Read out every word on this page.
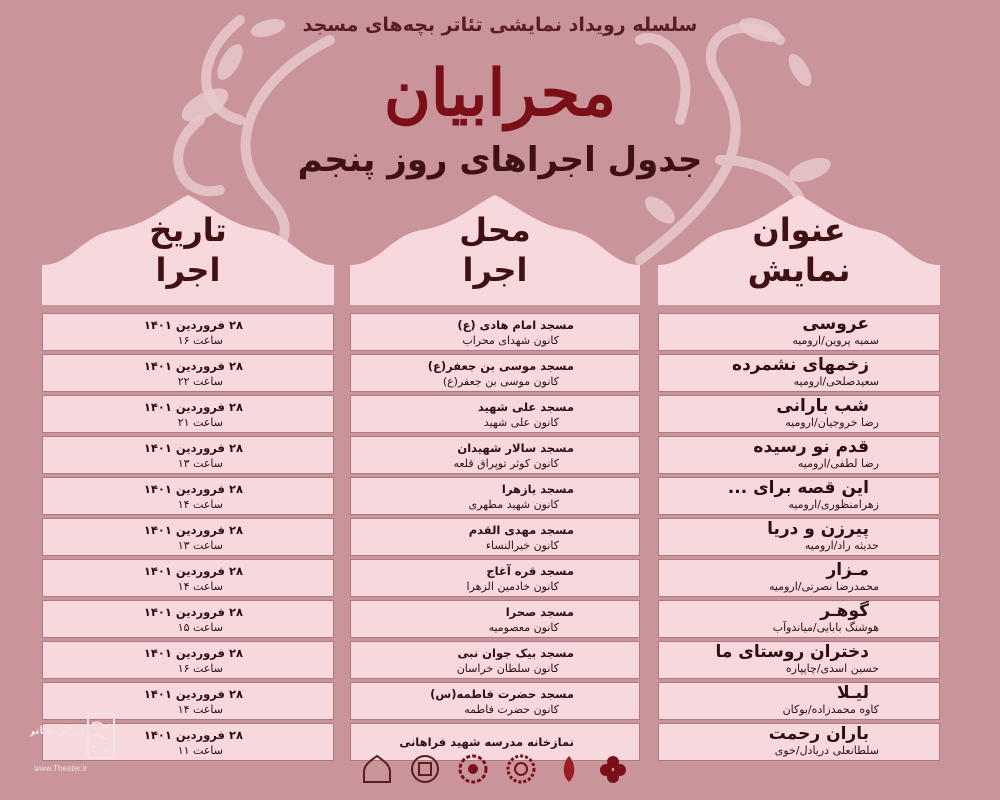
سلسله رویداد نمایشی تئاتر بچه‌های مسجد
محرابیان
جدول اجراهای روز پنجم
عنوان
نمایش
محل
اجرا
تاریخ
اجرا
عروسی
سمیه پروین/ارومیه
زخمهای نشمرده
سعیدصلحی/ارومیه
شب بارانی
رضا خروجیان/ارومیه
قدم نو رسیده
رضا لطفی/ارومیه
این قصه برای ...
زهرامنظوری/ارومیه
پیرزن و دریا
حدیثه راد/ارومیه
مـزار
محمدرضا نصرتی/ارومیه
گوهـر
هوشنگ بابایی/میاندوآب
دختران روستای ما
حسین اسدی/چاپپاره
لیـلا
کاوه محمدزاده/بوکان
باران رحمت
سلطانعلی دریادل/خوی
مسجد امام هادی (ع)
کانون شهدای محراب
مسجد موسی بن جعفر(ع)
کانون موسی بن جعفر(ع)
مسجد علی شهید
کانون علی شهید
مسجد سالار شهیدان
کانون کوثر توپراق قلعه
مسجد یازهرا
کانون شهید مطهری
مسجد مهدی القدم
کانون خیرالنساء
مسجد قره آغاج
کانون خادمین الزهرا
مسجد صحرا
کانون معصومیه
مسجد بیک جوان نبی
کانون سلطان خراسان
مسجد حضرت فاطمه(س)
کانون حضرت فاطمه
نمازخانه مدرسه شهید فراهانی
۲۸ فروردین ۱۴۰۱
ساعت ۱۶
۲۸ فروردین ۱۴۰۱
ساعت ۲۲
۲۸ فروردین ۱۴۰۱
ساعت ۲۱
۲۸ فروردین ۱۴۰۱
ساعت ۱۳
۲۸ فروردین ۱۴۰۱
ساعت ۱۴
۲۸ فروردین ۱۴۰۱
ساعت ۱۳
۲۸ فروردین ۱۴۰۱
ساعت ۱۴
۲۸ فروردین ۱۴۰۱
ساعت ۱۵
۲۸ فروردین ۱۴۰۱
ساعت ۱۶
۲۸ فروردین ۱۴۰۱
ساعت ۱۴
۲۸ فروردین ۱۴۰۱
ساعت ۱۱
ایران تئاتر
www.Theater.ir
